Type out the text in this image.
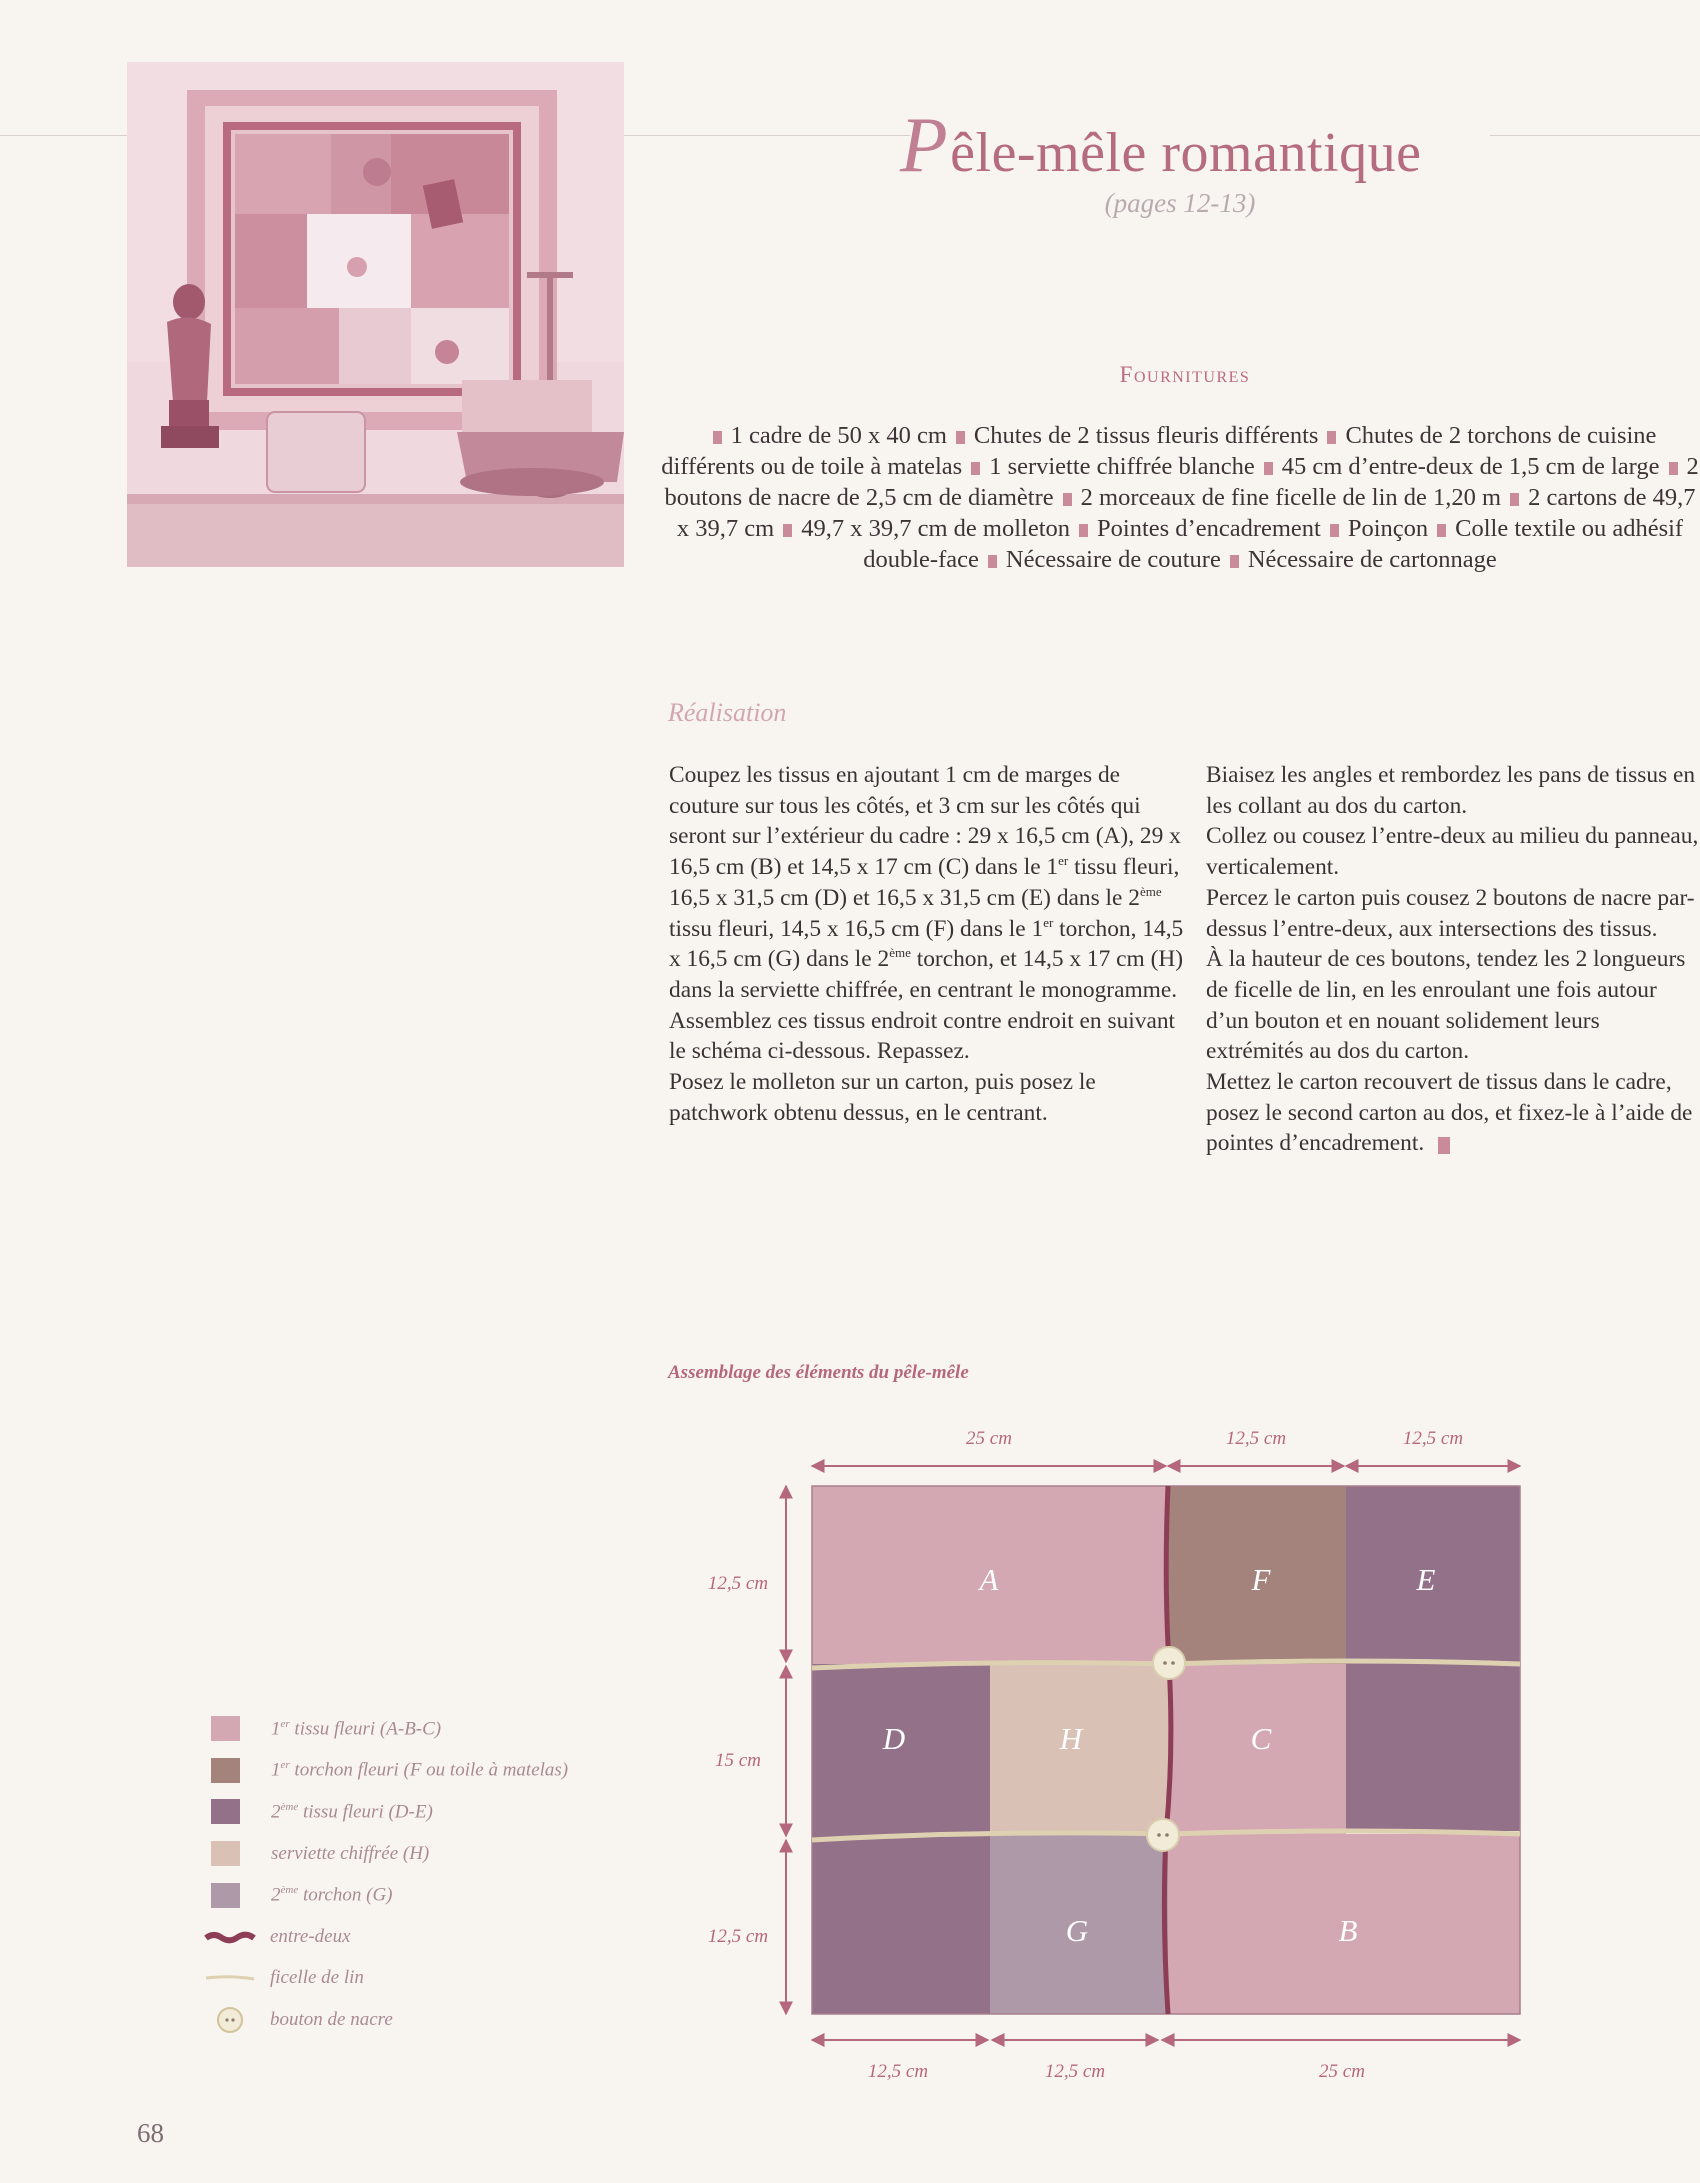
Pêle-mêle romantique
(pages 12-13)
Fournitures
1 cadre de 50 x 40 cm Chutes de 2 tissus fleuris différents Chutes de 2 torchons de cuisine différents ou de toile à matelas 1 serviette chiffrée blanche 45 cm d’entre-deux de 1,5 cm de large 2 boutons de nacre de 2,5 cm de diamètre 2 morceaux de fine ficelle de lin de 1,20 m 2 cartons de 49,7 x 39,7 cm 49,7 x 39,7 cm de molleton Pointes d’encadrement Poinçon Colle textile ou adhésif double-face Nécessaire de couture Nécessaire de cartonnage
Réalisation

Coupez les tissus en ajoutant 1 cm de marges de couture sur tous les côtés, et 3 cm sur les côtés qui seront sur l’extérieur du cadre : 29 x 16,5 cm (A), 29 x 16,5 cm (B) et 14,5 x 17 cm (C) dans le 1er tissu fleuri, 16,5 x 31,5 cm (D) et 16,5 x 31,5 cm (E) dans le 2ème tissu fleuri, 14,5 x 16,5 cm (F) dans le 1er torchon, 14,5 x 16,5 cm (G) dans le 2ème torchon, et 14,5 x 17 cm (H) dans la serviette chiffrée, en centrant le monogramme.

Assemblez ces tissus endroit contre endroit en suivant le schéma ci-dessous. Repassez.

Posez le molleton sur un carton, puis posez le patchwork obtenu dessus, en le centrant.

Biaisez les angles et rembordez les pans de tissus en les collant au dos du carton.

Collez ou cousez l’entre-deux au milieu du panneau, verticalement.

Percez le carton puis cousez 2 boutons de nacre par-dessus l’entre-deux, aux intersections des tissus.

À la hauteur de ces boutons, tendez les 2 longueurs de ficelle de lin, en les enroulant une fois autour d’un bouton et en nouant solidement leurs extrémités au dos du carton.

Mettez le carton recouvert de tissus dans le cadre, posez le second carton au dos, et fixez-le à l’aide de pointes d’encadrement.

Assemblage des éléments du pêle-mêle
25 cm	12,5 cm	12,5 cm
12,5 cm
15 cm
12,5 cm
A	F	E
D	H	C
G	B
12,5 cm	12,5 cm	25 cm
1er tissu fleuri (A-B-C)
1er torchon fleuri (F ou toile à matelas)
2ème tissu fleuri (D-E)
serviette chiffrée (H)
2ème torchon (G)
entre-deux
ficelle de lin
bouton de nacre
68
